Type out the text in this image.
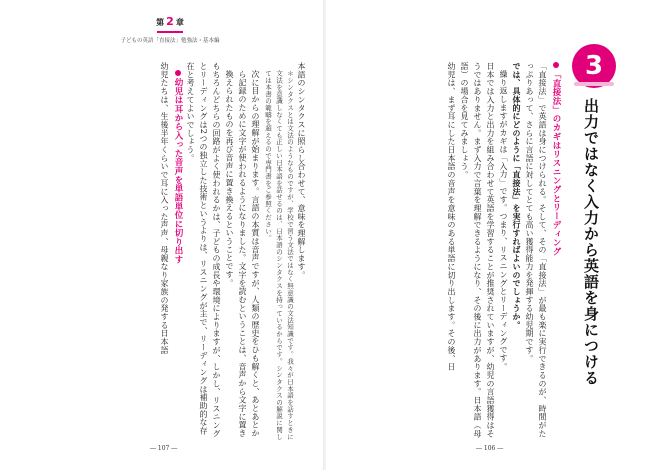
第 2 章
子どもの英語「直接法」勉強法・基本編

本語のシンタクスに照らし合わせて、意味を理解します。

＊シンタクスとは文法のようなものですが、学校で習う文法ではなく無意識の文法知識です。我々が日本語を話すときに文法を意識しなくても正しい日本語を話せるのは、日本語のシンタクスを持っているからです。シンタクスの解説に関しては本書の範疇を超えるので専門書をご参照ください。

次に目からの理解が始まります。言語の本質は音声ですが、人類の歴史をひも解くと、あとあとから記録のために文字が使われるようになりました。文字を読むということは、音声から文字に置き換えられたものを再び音声に置き換えるということです。

もちろんどちらの回路がよく使われるかは、子どもの成長や環境によりますが、しかし、リスニングとリーディングは2つの独立した技術というよりは、リスニングが主で、リーディングは補助的な存在と考えてよいでしょう。

幼児は耳から入った音声を単語単位に切り出す

幼児たちは、生後半年くらいで耳に入った声声、母親なり家族の発する日本語

― 107 ―

「直接法」のカギはリスニングとリーディング

「直接法」で英語は身につけられる。そして、その「直接法」が最も楽に実行できるのが、時間がたっぷりあって、さらに言語に対してとても高い獲得能力を発揮する幼児期です。

では、具体的にどのように「直接法」を実行すればよいのでしょうか。

繰り返しますがカギは「入力」です。つまり、リスニングとリーディングです。

日本では入力と出力を組み合わせて英語を学習することが推奨されていますが、幼児の言語獲得はそうではありません。まず入力で言葉を理解できるようになり、その後に出力があります。日本語（母語）の場合を見てみましょう。

幼児は、まず耳にした日本語の音声を意味のある単語に切り出します。その後、日

― 106 ―
3
出力ではなく入力から英語を身につける
